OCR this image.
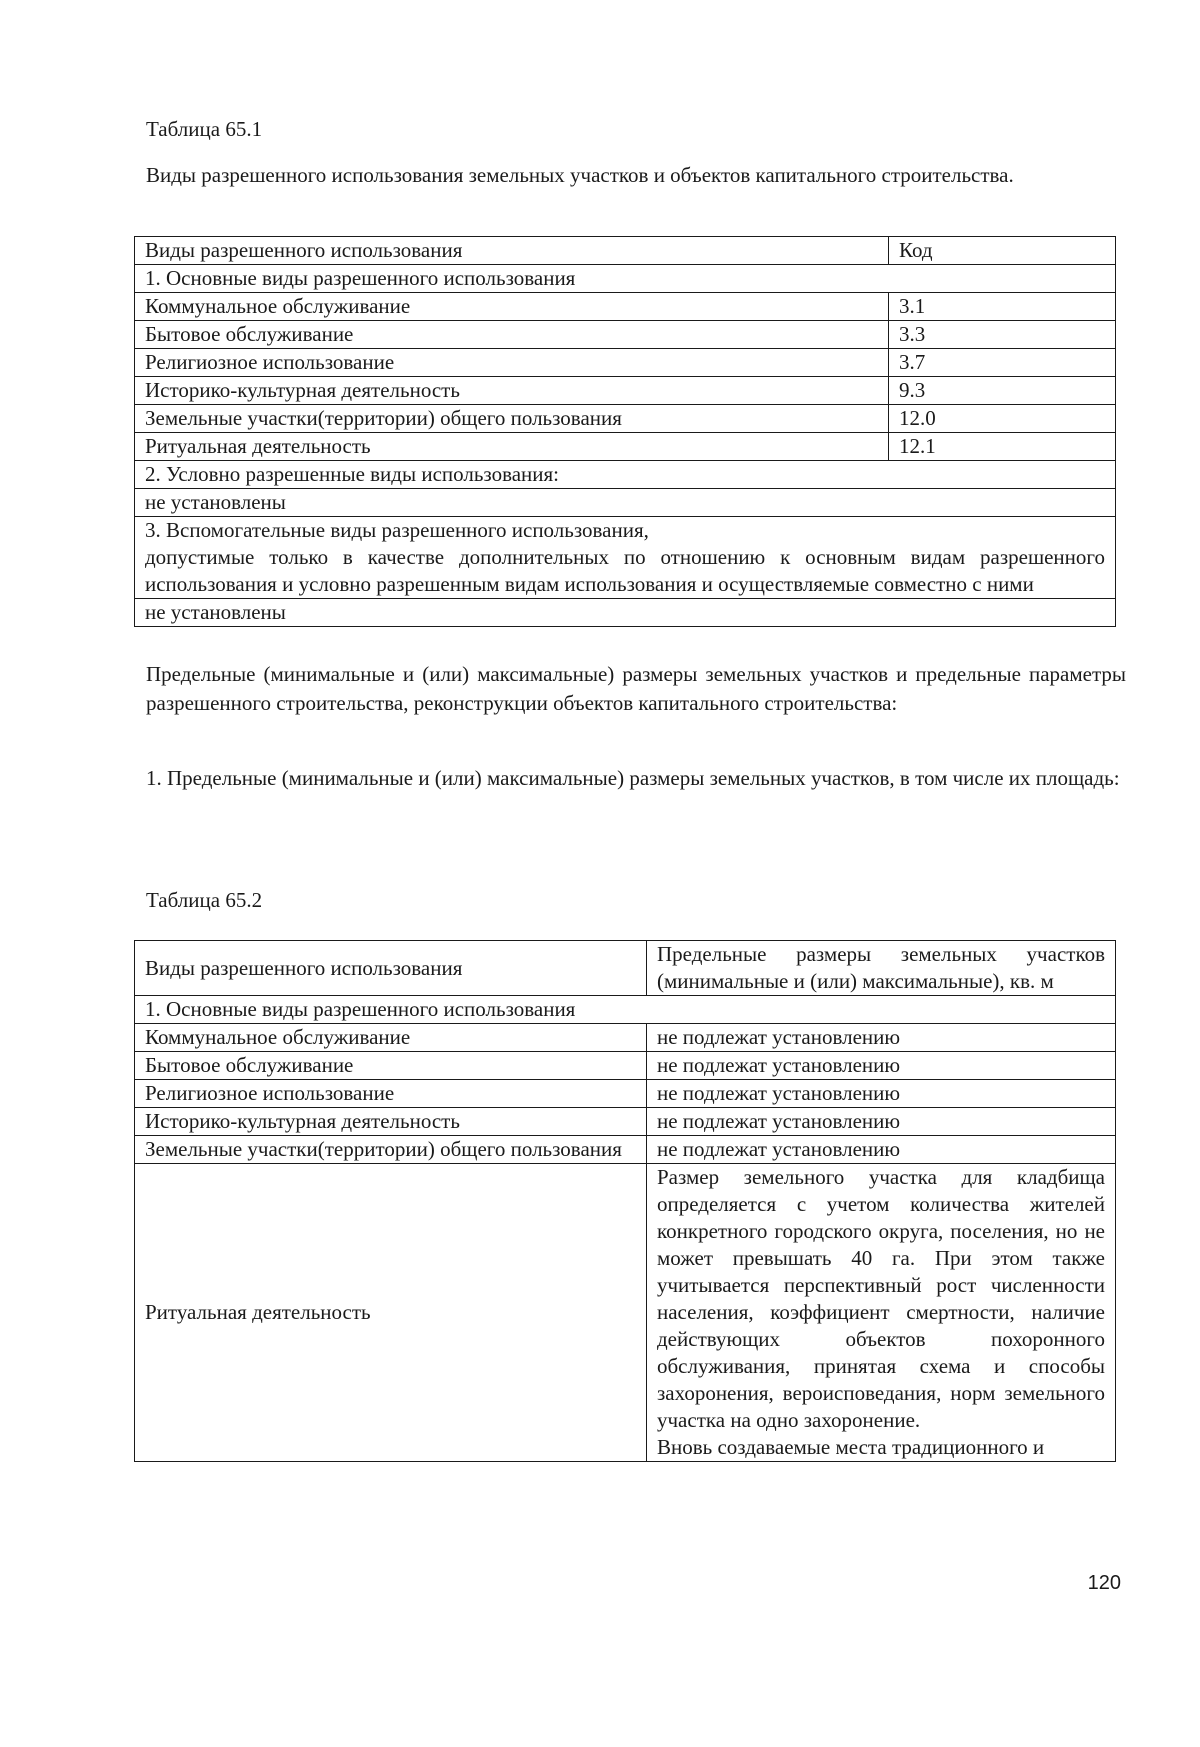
Таблица 65.1
Виды разрешенного использования земельных участков и объектов капитального строительства.
Виды разрешенного использования	Код
1. Основные виды разрешенного использования	
Коммунальное обслуживание	3.1
Бытовое обслуживание	3.3
Религиозное использование	3.7
Историко-культурная деятельность	9.3
Земельные участки(территории) общего пользования	12.0
Ритуальная деятельность	12.1
2. Условно разрешенные виды использования:	
не установлены	

3. Вспомогательные виды разрешенного использования,
допустимые только в качестве дополнительных по отношению к основным видам разрешенного использования и условно разрешенным видам использования и осуществляемые совместно с ними	

не установлены	
Предельные (минимальные и (или) максимальные) размеры земельных участков и предельные параметры разрешенного строительства, реконструкции объектов капитального строительства:
1. Предельные (минимальные и (или) максимальные) размеры земельных участков, в том числе их площадь:
Таблица 65.2
Виды разрешенного использования	Предельные размеры земельных участков (минимальные и (или) максимальные), кв. м
1. Основные виды разрешенного использования	
Коммунальное обслуживание	не подлежат установлению
Бытовое обслуживание	не подлежат установлению
Религиозное использование	не подлежат установлению
Историко-культурная деятельность	не подлежат установлению
Земельные участки(территории) общего пользования	не подлежат установлению
Ритуальная деятельность	Размер земельного участка для кладбища определяется с учетом количества жителей конкретного городского округа, поселения, но не может превышать 40 га. При этом также учитывается перспективный рост численности населения, коэффициент смертности, наличие действующих объектов похоронного обслуживания, принятая схема и способы захоронения, вероисповедания, норм земельного участка на одно захоронение.
Вновь создаваемые места традиционного и
120
